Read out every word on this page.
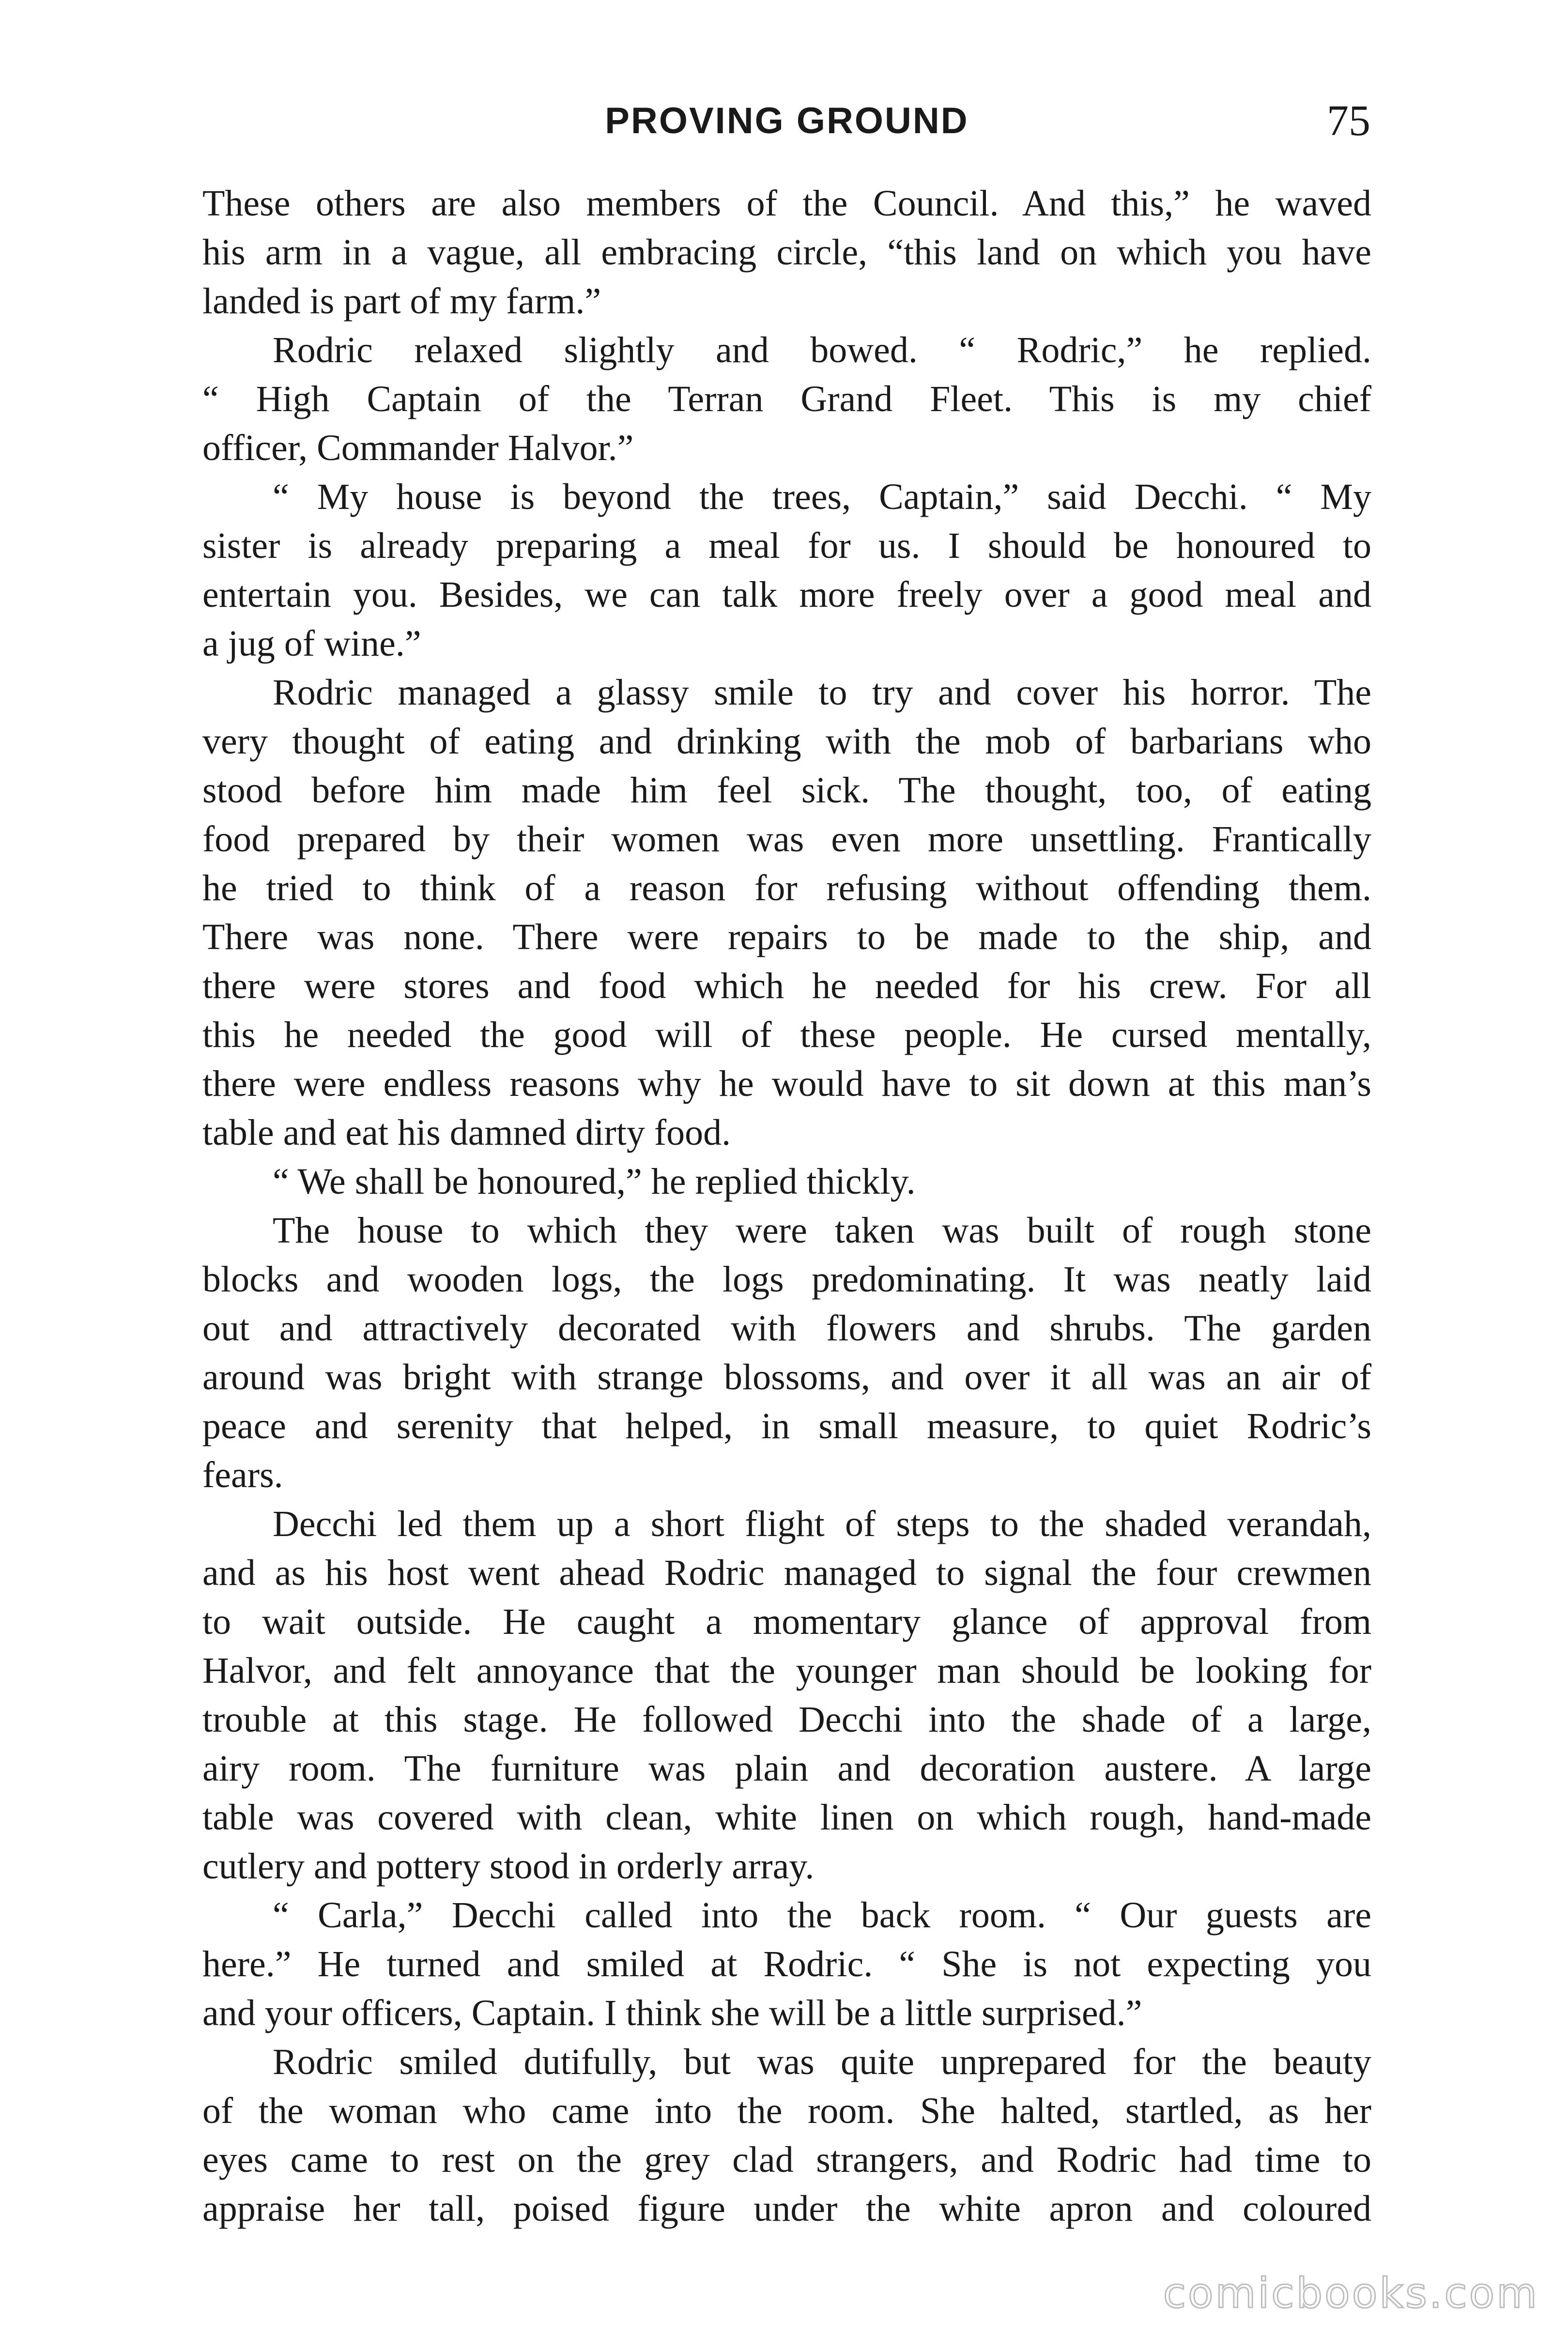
PROVING GROUND	75
These others are also members of the Council. And this,” he waved
his arm in a vague, all embracing circle, “this land on which you have
landed is part of my farm.”
Rodric relaxed slightly and bowed. “ Rodric,” he replied.
“ High Captain of the Terran Grand Fleet. This is my chief
officer, Commander Halvor.”
“ My house is beyond the trees, Captain,” said Decchi. “ My
sister is already preparing a meal for us. I should be honoured to
entertain you. Besides, we can talk more freely over a good meal and
a jug of wine.”
Rodric managed a glassy smile to try and cover his horror. The
very thought of eating and drinking with the mob of barbarians who
stood before him made him feel sick. The thought, too, of eating
food prepared by their women was even more unsettling. Frantically
he tried to think of a reason for refusing without offending them.
There was none. There were repairs to be made to the ship, and
there were stores and food which he needed for his crew. For all
this he needed the good will of these people. He cursed mentally,
there were endless reasons why he would have to sit down at this man’s
table and eat his damned dirty food.
“ We shall be honoured,” he replied thickly.
The house to which they were taken was built of rough stone
blocks and wooden logs, the logs predominating. It was neatly laid
out and attractively decorated with flowers and shrubs. The garden
around was bright with strange blossoms, and over it all was an air of
peace and serenity that helped, in small measure, to quiet Rodric’s
fears.
Decchi led them up a short flight of steps to the shaded verandah,
and as his host went ahead Rodric managed to signal the four crewmen
to wait outside. He caught a momentary glance of approval from
Halvor, and felt annoyance that the younger man should be looking for
trouble at this stage. He followed Decchi into the shade of a large,
airy room. The furniture was plain and decoration austere. A large
table was covered with clean, white linen on which rough, hand-made
cutlery and pottery stood in orderly array.
“ Carla,” Decchi called into the back room. “ Our guests are
here.” He turned and smiled at Rodric. “ She is not expecting you
and your officers, Captain. I think she will be a little surprised.”
Rodric smiled dutifully, but was quite unprepared for the beauty
of the woman who came into the room. She halted, startled, as her
eyes came to rest on the grey clad strangers, and Rodric had time to
appraise her tall, poised figure under the white apron and coloured
comicbooks.com
